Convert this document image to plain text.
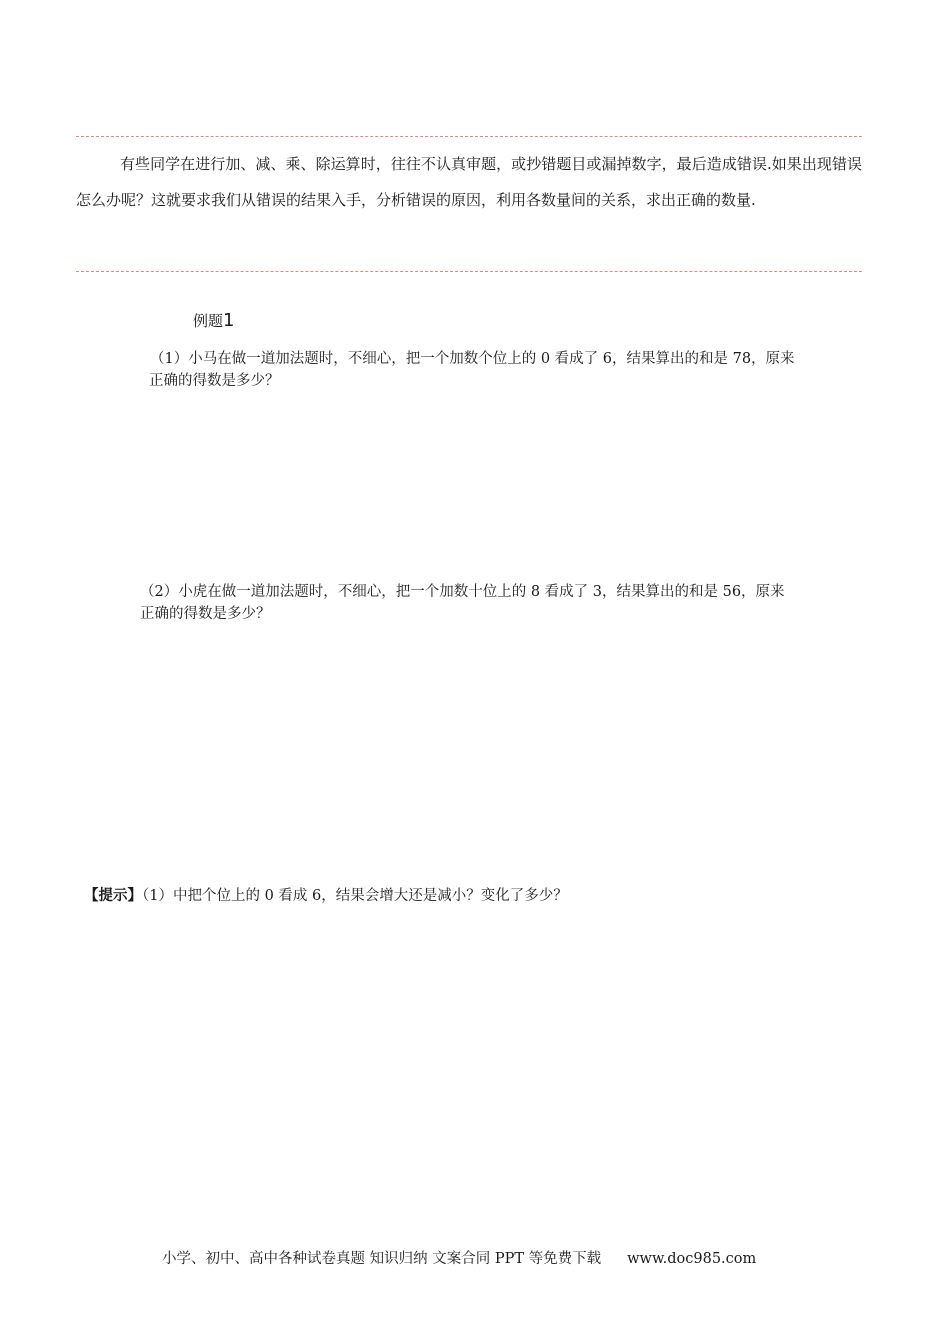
有些同学在进行加、减、乘、除运算时，往往不认真审题，或抄错题目或漏掉数字，最后造成错误.如果出现错误怎么办呢？这就要求我们从错误的结果入手，分析错误的原因，利用各数量间的关系，求出正确的数量.

例题1

（1）小马在做一道加法题时，不细心，把一个加数个位上的 0 看成了 6，结果算出的和是 78，原来
正确的得数是多少？

（2）小虎在做一道加法题时，不细心，把一个加数十位上的 8 看成了 3，结果算出的和是 56，原来
正确的得数是多少？

【提示】（1）中把个位上的 0 看成 6，结果会增大还是减小？变化了多少？

小学、初中、高中各种试卷真题 知识归纳 文案合同 PPT 等免费下载 www.doc985.com
